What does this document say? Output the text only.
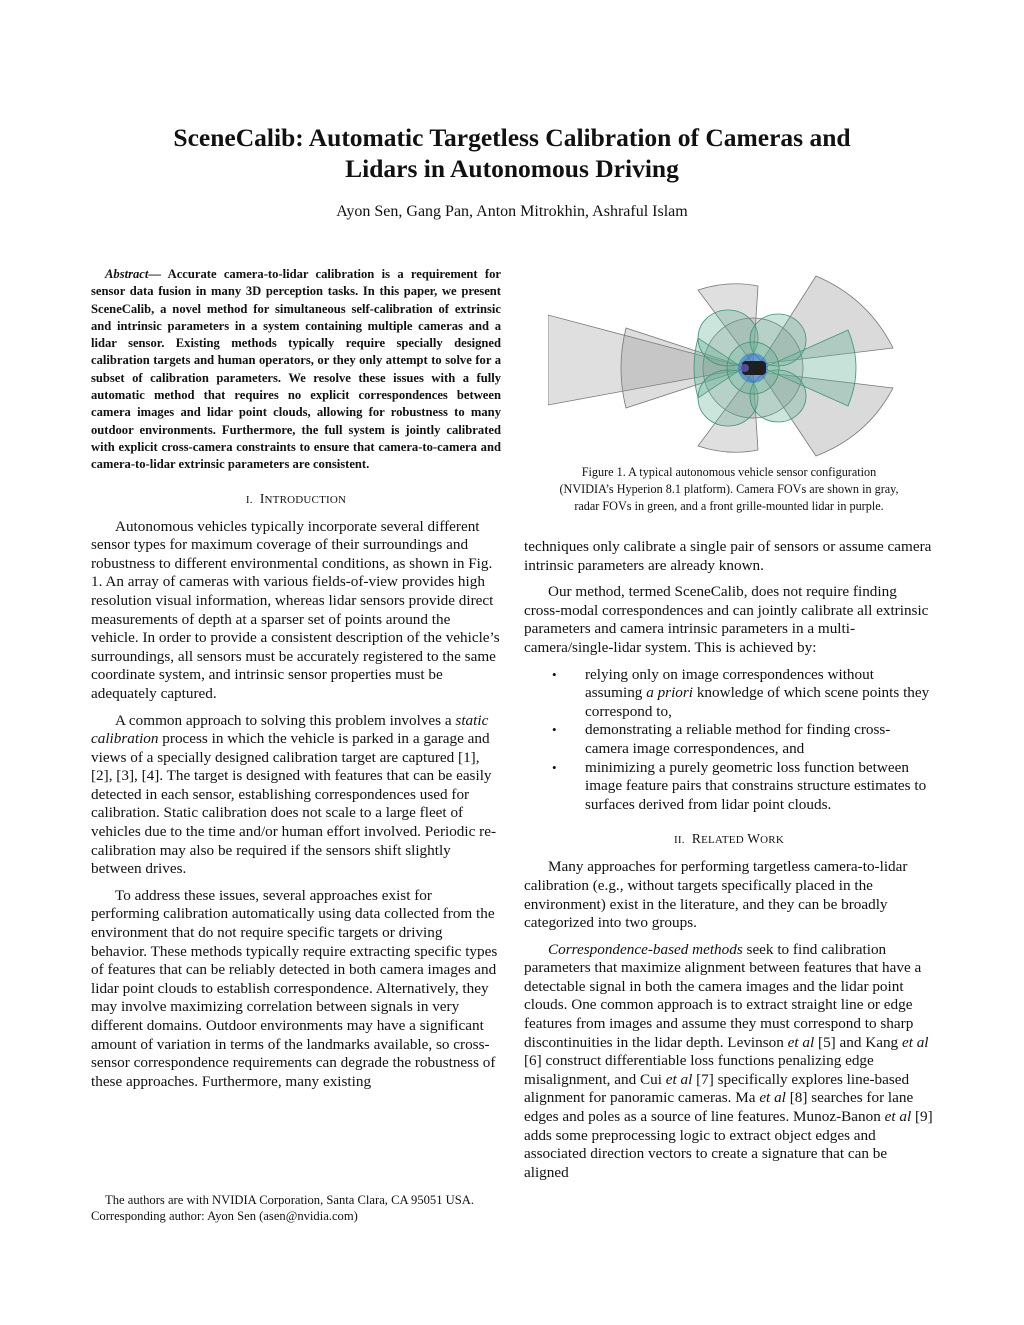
SceneCalib: Automatic Targetless Calibration of Cameras and
Lidars in Autonomous Driving
Ayon Sen, Gang Pan, Anton Mitrokhin, Ashraful Islam
Abstract— Accurate camera-to-lidar calibration is a requirement for sensor data fusion in many 3D perception tasks. In this paper, we present SceneCalib, a novel method for simultaneous self-calibration of extrinsic and intrinsic parameters in a system containing multiple cameras and a lidar sensor. Existing methods typically require specially designed calibration targets and human operators, or they only attempt to solve for a subset of calibration parameters. We resolve these issues with a fully automatic method that requires no explicit correspondences between camera images and lidar point clouds, allowing for robustness to many outdoor environments. Furthermore, the full system is jointly calibrated with explicit cross-camera constraints to ensure that camera-to-camera and camera-to-lidar extrinsic parameters are consistent.
I. INTRODUCTION

Autonomous vehicles typically incorporate several different sensor types for maximum coverage of their surroundings and robustness to different environmental conditions, as shown in Fig. 1. An array of cameras with various fields-of-view provides high resolution visual information, whereas lidar sensors provide direct measurements of depth at a sparser set of points around the vehicle. In order to provide a consistent description of the vehicle’s surroundings, all sensors must be accurately registered to the same coordinate system, and intrinsic sensor properties must be adequately captured.

A common approach to solving this problem involves a static calibration process in which the vehicle is parked in a garage and views of a specially designed calibration target are captured [1], [2], [3], [4]. The target is designed with features that can be easily detected in each sensor, establishing correspondences used for calibration. Static calibration does not scale to a large fleet of vehicles due to the time and/or human effort involved. Periodic re-calibration may also be required if the sensors shift slightly between drives.

To address these issues, several approaches exist for performing calibration automatically using data collected from the environment that do not require specific targets or driving behavior. These methods typically require extracting specific types of features that can be reliably detected in both camera images and lidar point clouds to establish correspondence. Alternatively, they may involve maximizing correlation between signals in very different domains. Outdoor environments may have a significant amount of variation in terms of the landmarks available, so cross-sensor correspondence requirements can degrade the robustness of these approaches. Furthermore, many existing

The authors are with NVIDIA Corporation, Santa Clara, CA 95051 USA. Corresponding author: Ayon Sen (asen@nvidia.com)
Figure 1. A typical autonomous vehicle sensor configuration
(NVIDIA’s Hyperion 8.1 platform). Camera FOVs are shown in gray,
radar FOVs in green, and a front grille-mounted lidar in purple.

techniques only calibrate a single pair of sensors or assume camera intrinsic parameters are already known.

Our method, termed SceneCalib, does not require finding cross-modal correspondences and can jointly calibrate all extrinsic parameters and camera intrinsic parameters in a multi-camera/single-lidar system. This is achieved by:

• relying only on image correspondences without assuming a priori knowledge of which scene points they correspond to,
• demonstrating a reliable method for finding cross-camera image correspondences, and
• minimizing a purely geometric loss function between image feature pairs that constrains structure estimates to surfaces derived from lidar point clouds.
II. RELATED WORK

Many approaches for performing targetless camera-to-lidar calibration (e.g., without targets specifically placed in the environment) exist in the literature, and they can be broadly categorized into two groups.

Correspondence-based methods seek to find calibration parameters that maximize alignment between features that have a detectable signal in both the camera images and the lidar point clouds. One common approach is to extract straight line or edge features from images and assume they must correspond to sharp discontinuities in the lidar depth. Levinson et al [5] and Kang et al [6] construct differentiable loss functions penalizing edge misalignment, and Cui et al [7] specifically explores line-based alignment for panoramic cameras. Ma et al [8] searches for lane edges and poles as a source of line features. Munoz-Banon et al [9] adds some preprocessing logic to extract object edges and associated direction vectors to create a signature that can be aligned
